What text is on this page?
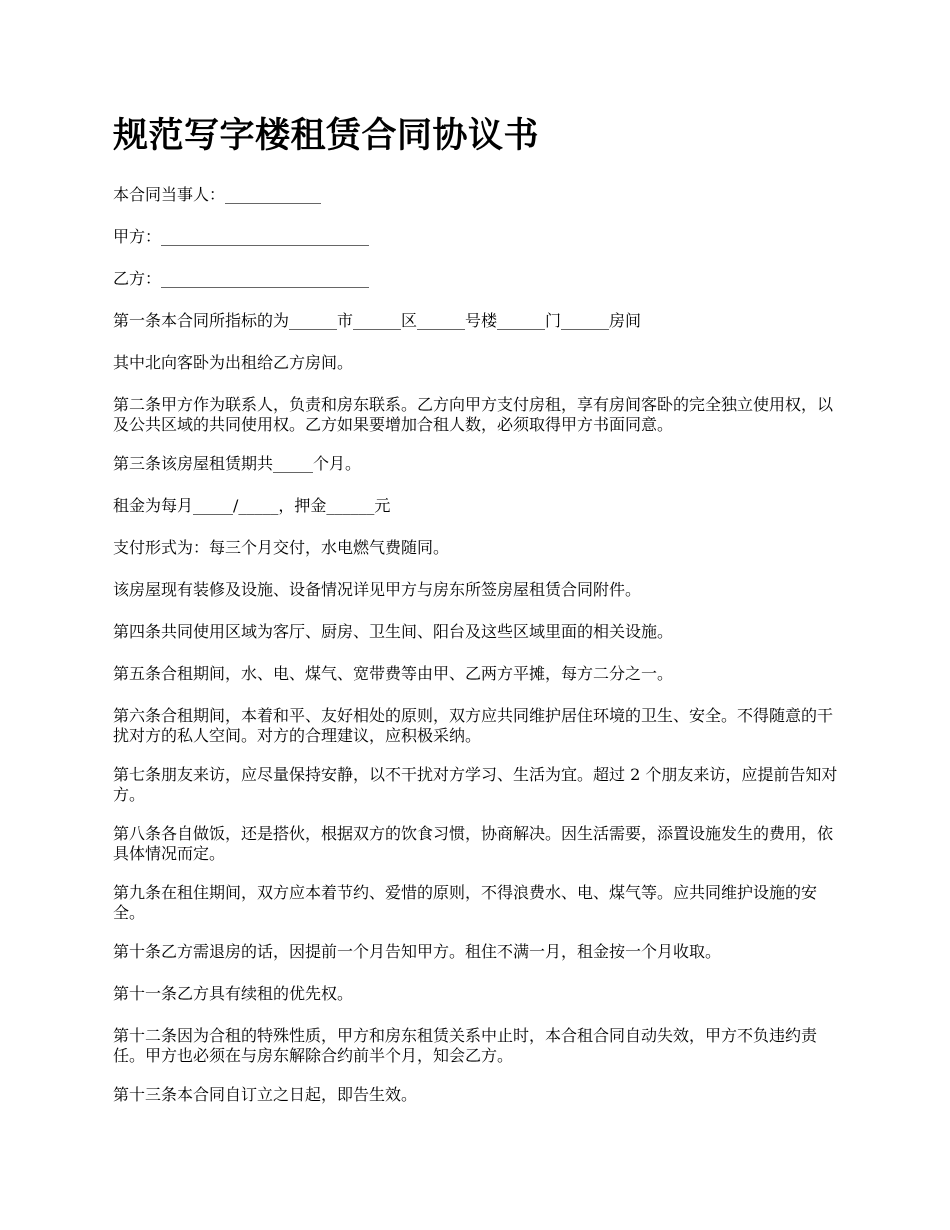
规范写字楼租赁合同协议书

本合同当事人：____________

甲方：__________________________

乙方：__________________________

第一条本合同所指标的为______市______区______号楼______门______房间

其中北向客卧为出租给乙方房间。

第二条甲方作为联系人，负责和房东联系。乙方向甲方支付房租，享有房间客卧的完全独立使用权，以及公共区域的共同使用权。乙方如果要增加合租人数，必须取得甲方书面同意。

第三条该房屋租赁期共_____个月。

租金为每月_____/_____，押金______元

支付形式为：每三个月交付，水电燃气费随同。

该房屋现有装修及设施、设备情况详见甲方与房东所签房屋租赁合同附件。

第四条共同使用区域为客厅、厨房、卫生间、阳台及这些区域里面的相关设施。

第五条合租期间，水、电、煤气、宽带费等由甲、乙两方平摊，每方二分之一。

第六条合租期间，本着和平、友好相处的原则，双方应共同维护居住环境的卫生、安全。不得随意的干扰对方的私人空间。对方的合理建议，应积极采纳。

第七条朋友来访，应尽量保持安静，以不干扰对方学习、生活为宜。超过 2 个朋友来访，应提前告知对方。

第八条各自做饭，还是搭伙，根据双方的饮食习惯，协商解决。因生活需要，添置设施发生的费用，依具体情况而定。

第九条在租住期间，双方应本着节约、爱惜的原则，不得浪费水、电、煤气等。应共同维护设施的安全。

第十条乙方需退房的话，因提前一个月告知甲方。租住不满一月，租金按一个月收取。

第十一条乙方具有续租的优先权。

第十二条因为合租的特殊性质，甲方和房东租赁关系中止时，本合租合同自动失效，甲方不负违约责任。甲方也必须在与房东解除合约前半个月，知会乙方。

第十三条本合同自订立之日起，即告生效。
